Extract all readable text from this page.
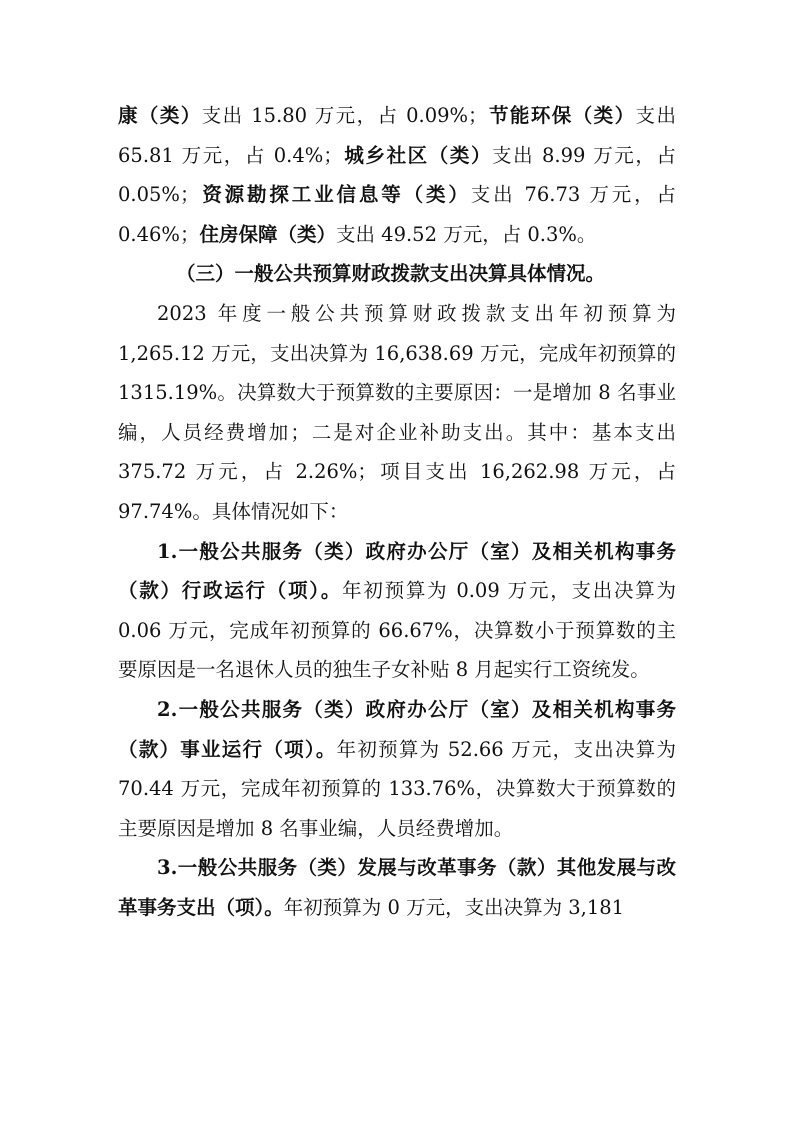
康（类）支出 15.80 万元，占 0.09%；节能环保（类）支出 65.81 万元，占 0.4%；城乡社区（类）支出 8.99 万元，占 0.05%；资源勘探工业信息等（类）支出 76.73 万元，占 0.46%；住房保障（类）支出 49.52 万元，占 0.3%。

（三）一般公共预算财政拨款支出决算具体情况。

2023 年度一般公共预算财政拨款支出年初预算为 1,265.12 万元，支出决算为 16,638.69 万元，完成年初预算的 1315.19%。决算数大于预算数的主要原因：一是增加 8 名事业编，人员经费增加；二是对企业补助支出。其中：基本支出 375.72 万元，占 2.26%；项目支出 16,262.98 万元，占 97.74%。具体情况如下：

1.一般公共服务（类）政府办公厅（室）及相关机构事务（款）行政运行（项）。年初预算为 0.09 万元，支出决算为 0.06 万元，完成年初预算的 66.67%，决算数小于预算数的主要原因是一名退休人员的独生子女补贴 8 月起实行工资统发。

2.一般公共服务（类）政府办公厅（室）及相关机构事务（款）事业运行（项）。年初预算为 52.66 万元，支出决算为 70.44 万元，完成年初预算的 133.76%，决算数大于预算数的主要原因是增加 8 名事业编，人员经费增加。

3.一般公共服务（类）发展与改革事务（款）其他发展与改革事务支出（项）。年初预算为 0 万元，支出决算为 3,181
